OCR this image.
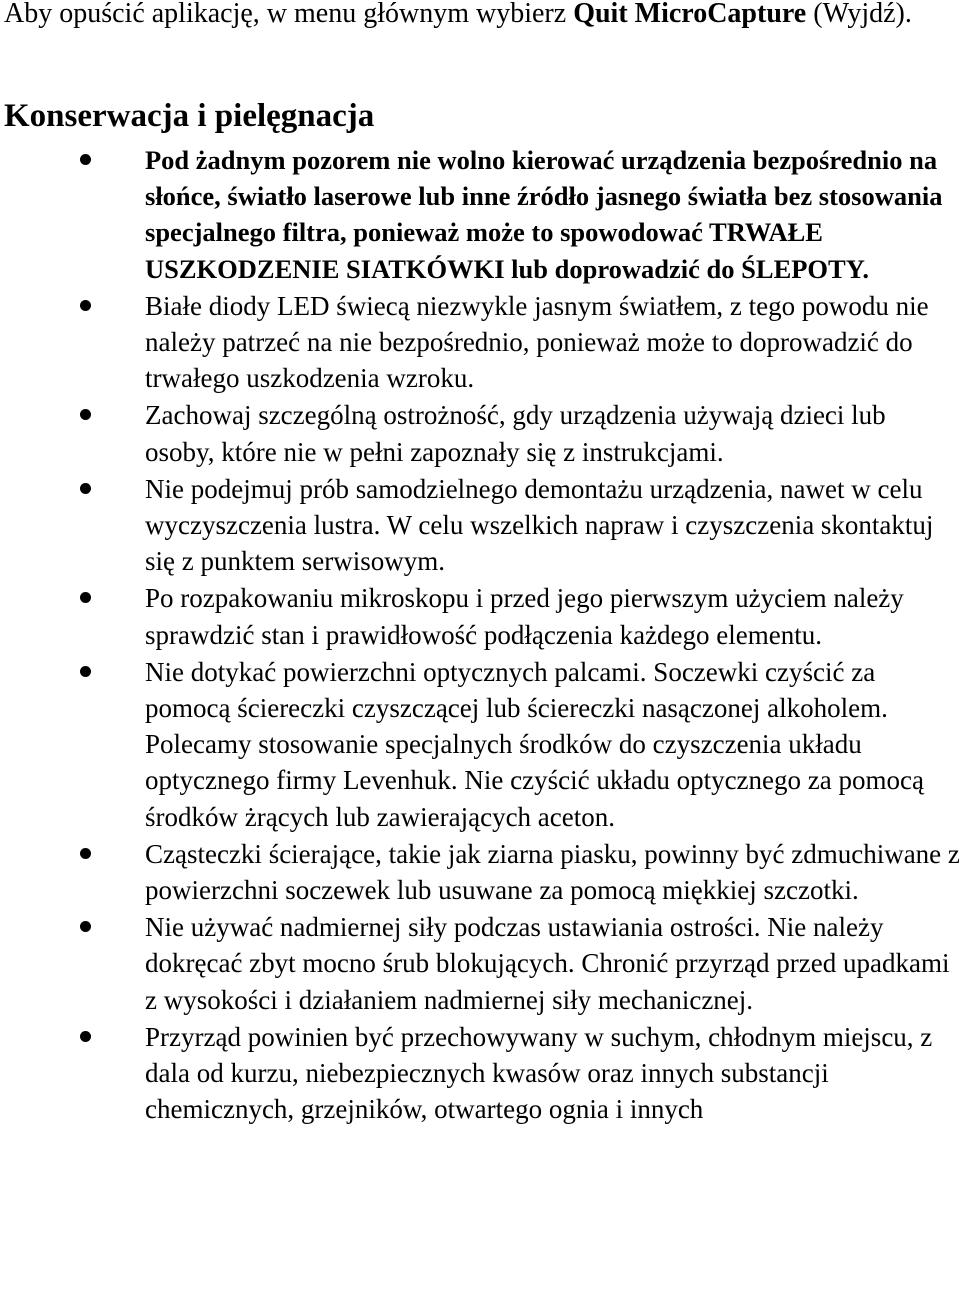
Aby opuścić aplikację, w menu głównym wybierz Quit MicroCapture (Wyjdź).

Konserwacja i pielęgnacja
Pod żadnym pozorem nie wolno kierować urządzenia bezpośrednio na słońce, światło laserowe lub inne źródło jasnego światła bez stosowania specjalnego filtra, ponieważ może to spowodować TRWAŁE USZKODZENIE SIATKÓWKI lub doprowadzić do ŚLEPOTY.
Białe diody LED świecą niezwykle jasnym światłem, z tego powodu nie należy patrzeć na nie bezpośrednio, ponieważ może to doprowadzić do trwałego uszkodzenia wzroku.
Zachowaj szczególną ostrożność, gdy urządzenia używają dzieci lub osoby, które nie w pełni zapoznały się z instrukcjami.
Nie podejmuj prób samodzielnego demontażu urządzenia, nawet w celu wyczyszczenia lustra. W celu wszelkich napraw i czyszczenia skontaktuj się z punktem serwisowym.
Po rozpakowaniu mikroskopu i przed jego pierwszym użyciem należy sprawdzić stan i prawidłowość podłączenia każdego elementu.
Nie dotykać powierzchni optycznych palcami. Soczewki czyścić za pomocą ściereczki czyszczącej lub ściereczki nasączonej alkoholem. Polecamy stosowanie specjalnych środków do czyszczenia układu optycznego firmy Levenhuk. Nie czyścić układu optycznego za pomocą środków żrących lub zawierających aceton.
Cząsteczki ścierające, takie jak ziarna piasku, powinny być zdmuchiwane z powierzchni soczewek lub usuwane za pomocą miękkiej szczotki.
Nie używać nadmiernej siły podczas ustawiania ostrości. Nie należy dokręcać zbyt mocno śrub blokujących. Chronić przyrząd przed upadkami z wysokości i działaniem nadmiernej siły mechanicznej.
Przyrząd powinien być przechowywany w suchym, chłodnym miejscu, z dala od kurzu, niebezpiecznych kwasów oraz innych substancji chemicznych, grzejników, otwartego ognia i innych
